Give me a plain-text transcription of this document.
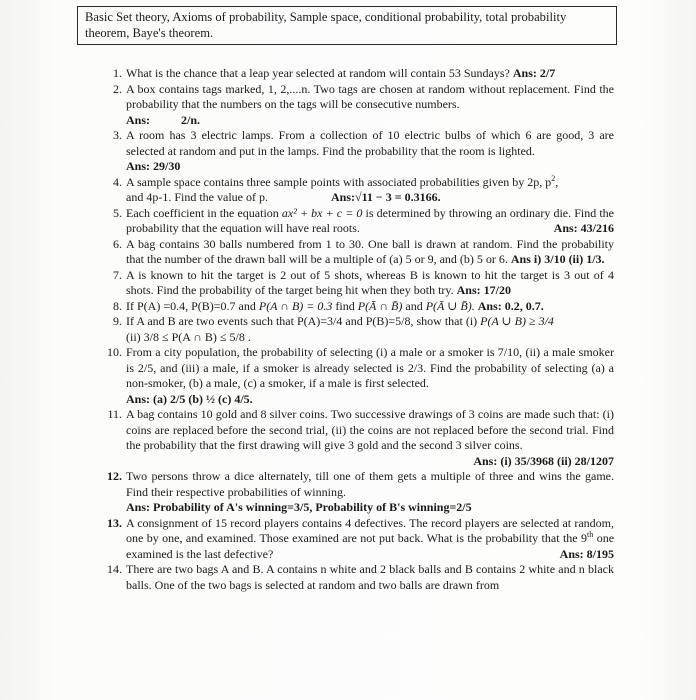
Basic Set theory, Axioms of probability, Sample space, conditional probability, total probability theorem, Baye's theorem.
1. What is the chance that a leap year selected at random will contain 53 Sundays? Ans: 2/7
2. A box contains tags marked, 1, 2,....n. Two tags are chosen at random without replacement. Find the probability that the numbers on the tags will be consecutive numbers.
Ans:	2/n.
3. A room has 3 electric lamps. From a collection of 10 electric bulbs of which 6 are good, 3 are selected at random and put in the lamps. Find the probability that the room is lighted.
Ans: 29/30
4. A sample space contains three sample points with associated probabilities given by 2p, $p^2$,
and 4p-1. Find the value of p.	Ans:√11 − 3 = 0.3166.
5. Each coefficient in the equation ax² + bx + c = 0 is determined by throwing an ordinary die. Find the probability that the equation will have real roots.	Ans: 43/216
6. A bag contains 30 balls numbered from 1 to 30. One ball is drawn at random. Find the probability that the number of the drawn ball will be a multiple of (a) 5 or 9, and (b) 5 or 6. Ans i) 3/10 (ii) 1/3.
7. A is known to hit the target is 2 out of 5 shots, whereas B is known to hit the target is 3 out of 4 shots. Find the probability of the target being hit when they both try. Ans: 17/20
8. If P(A) =0.4, P(B)=0.7 and P(A ∩ B) = 0.3 find P(Ā ∩ B̄) and P(Ā ∪ B̄). Ans: 0.2, 0.7.
9. If A and B are two events such that P(A)=3/4 and P(B)=5/8, show that (i) P(A ∪ B) ≥ 3/4
(ii) 3/8 ≤ P(A ∩ B) ≤ 5/8 .
10. From a city population, the probability of selecting (i) a male or a smoker is 7/10, (ii) a male smoker is 2/5, and (iii) a male, if a smoker is already selected is 2/3. Find the probability of selecting (a) a non-smoker, (b) a male, (c) a smoker, if a male is first selected.
Ans: (a) 2/5 (b) ½ (c) 4/5.
11. A bag contains 10 gold and 8 silver coins. Two successive drawings of 3 coins are made such that: (i) coins are replaced before the second trial, (ii) the coins are not replaced before the second trial. Find the probability that the first drawing will give 3 gold and the second 3 silver coins.
Ans: (i) 35/3968 (ii) 28/1207
12. Two persons throw a dice alternately, till one of them gets a multiple of three and wins the game. Find their respective probabilities of winning.
Ans: Probability of A's winning=3/5, Probability of B's winning=2/5
13. A consignment of 15 record players contains 4 defectives. The record players are selected at random, one by one, and examined. Those examined are not put back. What is the probability that the 9th one examined is the last defective?	Ans: 8/195
14. There are two bags A and B. A contains n white and 2 black balls and B contains 2 white and n black balls. One of the two bags is selected at random and two balls are drawn from
